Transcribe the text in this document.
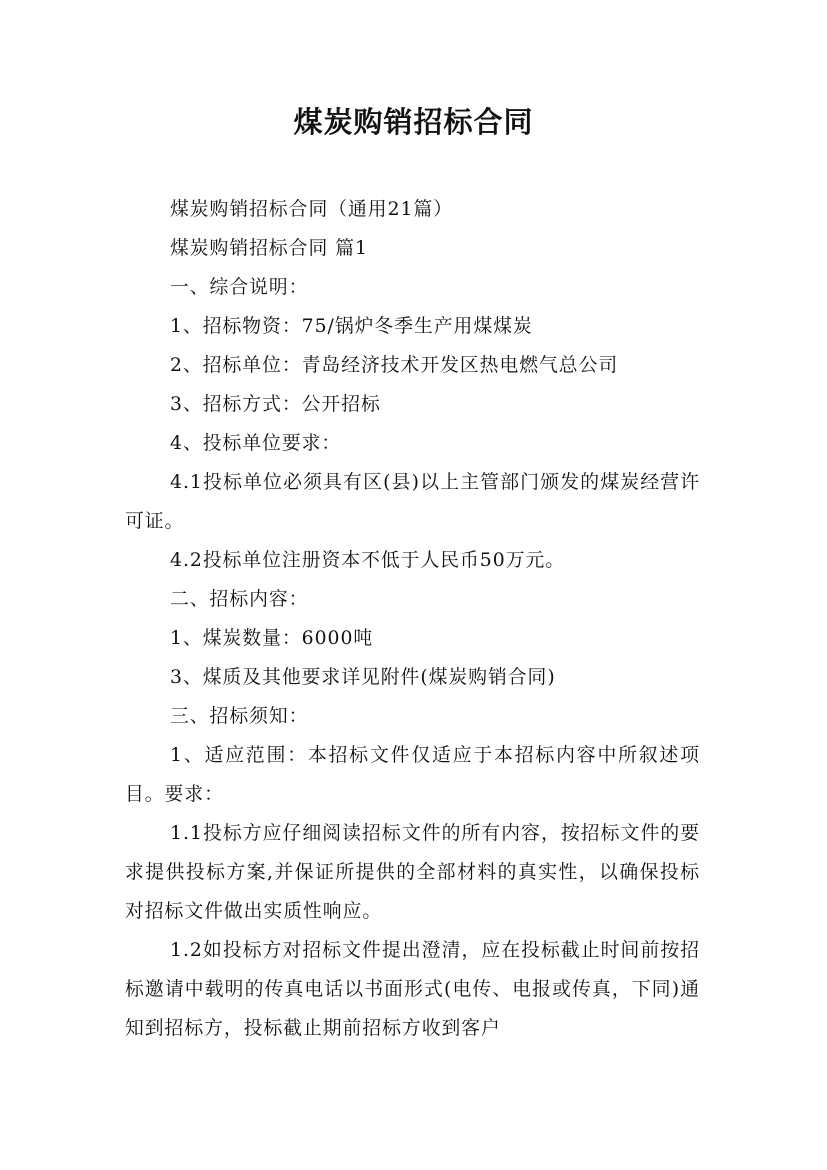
煤炭购销招标合同

煤炭购销招标合同（通用21篇）

煤炭购销招标合同 篇1

一、综合说明：

1、招标物资：75/锅炉冬季生产用煤煤炭

2、招标单位：青岛经济技术开发区热电燃气总公司

3、招标方式：公开招标

4、投标单位要求：

4.1投标单位必须具有区(县)以上主管部门颁发的煤炭经营许可证。

4.2投标单位注册资本不低于人民币50万元。

二、招标内容：

1、煤炭数量：6000吨

3、煤质及其他要求详见附件(煤炭购销合同)

三、招标须知：

1、适应范围：本招标文件仅适应于本招标内容中所叙述项目。要求：

1.1投标方应仔细阅读招标文件的所有内容，按招标文件的要求提供投标方案,并保证所提供的全部材料的真实性，以确保投标对招标文件做出实质性响应。

1.2如投标方对招标文件提出澄清，应在投标截止时间前按招标邀请中载明的传真电话以书面形式(电传、电报或传真，下同)通知到招标方，投标截止期前招标方收到客户
